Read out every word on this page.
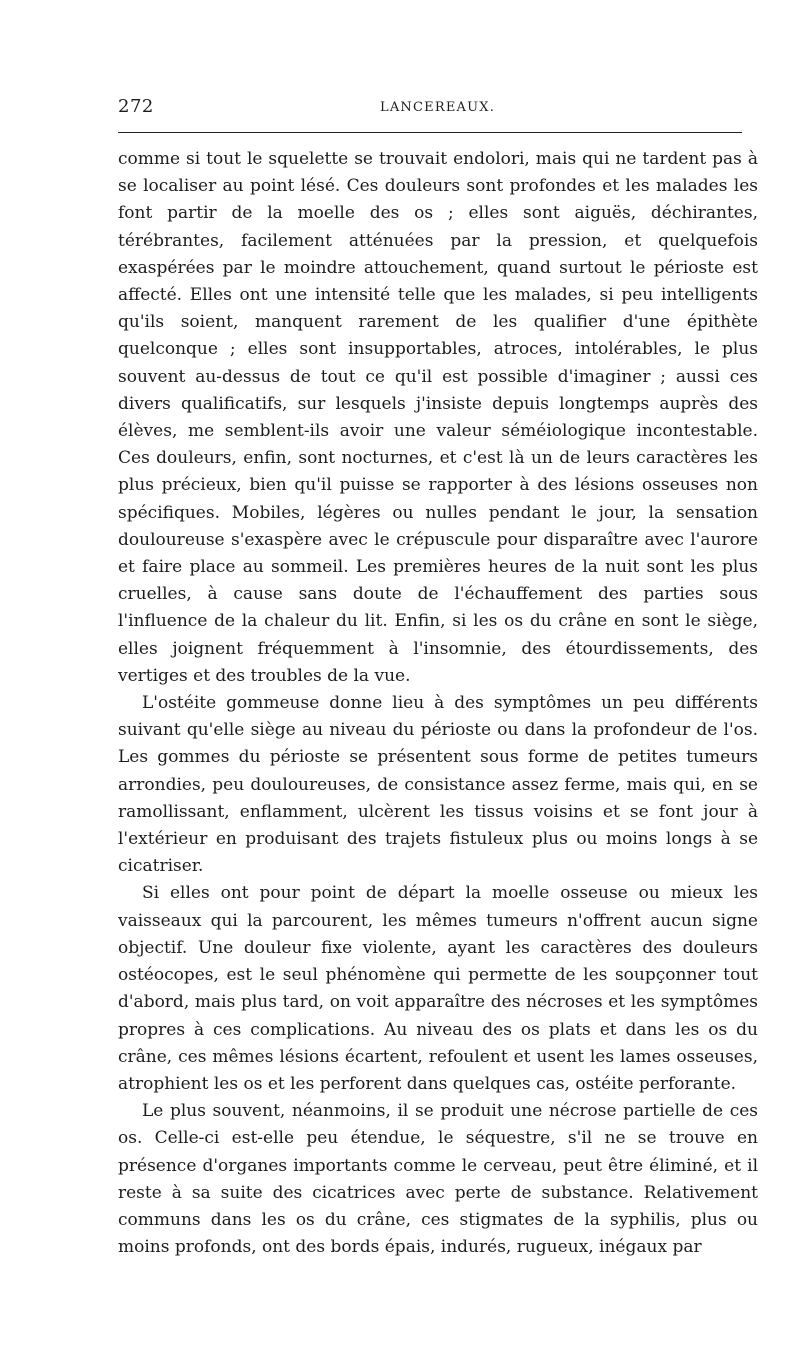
272	LANCEREAUX.

comme si tout le squelette se trouvait endolori, mais qui ne tardent pas à se localiser au point lésé. Ces douleurs sont profondes et les malades les font partir de la moelle des os ; elles sont aiguës, déchirantes, térébrantes, facilement atténuées par la pression, et quelquefois exaspérées par le moindre attouchement, quand surtout le périoste est affecté. Elles ont une intensité telle que les malades, si peu intelligents qu'ils soient, manquent rarement de les qualifier d'une épithète quelconque ; elles sont insupportables, atroces, intolérables, le plus souvent au-dessus de tout ce qu'il est possible d'imaginer ; aussi ces divers qualificatifs, sur lesquels j'insiste depuis longtemps auprès des élèves, me semblent-ils avoir une valeur séméiologique incontestable. Ces douleurs, enfin, sont nocturnes, et c'est là un de leurs caractères les plus précieux, bien qu'il puisse se rapporter à des lésions osseuses non spécifiques. Mobiles, légères ou nulles pendant le jour, la sensation douloureuse s'exaspère avec le crépuscule pour disparaître avec l'aurore et faire place au sommeil. Les premières heures de la nuit sont les plus cruelles, à cause sans doute de l'échauffement des parties sous l'influence de la chaleur du lit. Enfin, si les os du crâne en sont le siège, elles joignent fréquemment à l'insomnie, des étourdissements, des vertiges et des troubles de la vue.

L'ostéite gommeuse donne lieu à des symptômes un peu différents suivant qu'elle siège au niveau du périoste ou dans la profondeur de l'os. Les gommes du périoste se présentent sous forme de petites tumeurs arrondies, peu douloureuses, de consistance assez ferme, mais qui, en se ramollissant, enflamment, ulcèrent les tissus voisins et se font jour à l'extérieur en produisant des trajets fistuleux plus ou moins longs à se cicatriser.

Si elles ont pour point de départ la moelle osseuse ou mieux les vaisseaux qui la parcourent, les mêmes tumeurs n'offrent aucun signe objectif. Une douleur fixe violente, ayant les caractères des douleurs ostéocopes, est le seul phénomène qui permette de les soupçonner tout d'abord, mais plus tard, on voit apparaître des nécroses et les symptômes propres à ces complications. Au niveau des os plats et dans les os du crâne, ces mêmes lésions écartent, refoulent et usent les lames osseuses, atrophient les os et les perforent dans quelques cas, ostéite perforante.

Le plus souvent, néanmoins, il se produit une nécrose partielle de ces os. Celle-ci est-elle peu étendue, le séquestre, s'il ne se trouve en présence d'organes importants comme le cerveau, peut être éliminé, et il reste à sa suite des cicatrices avec perte de substance. Relativement communs dans les os du crâne, ces stigmates de la syphilis, plus ou moins profonds, ont des bords épais, indurés, rugueux, inégaux par
